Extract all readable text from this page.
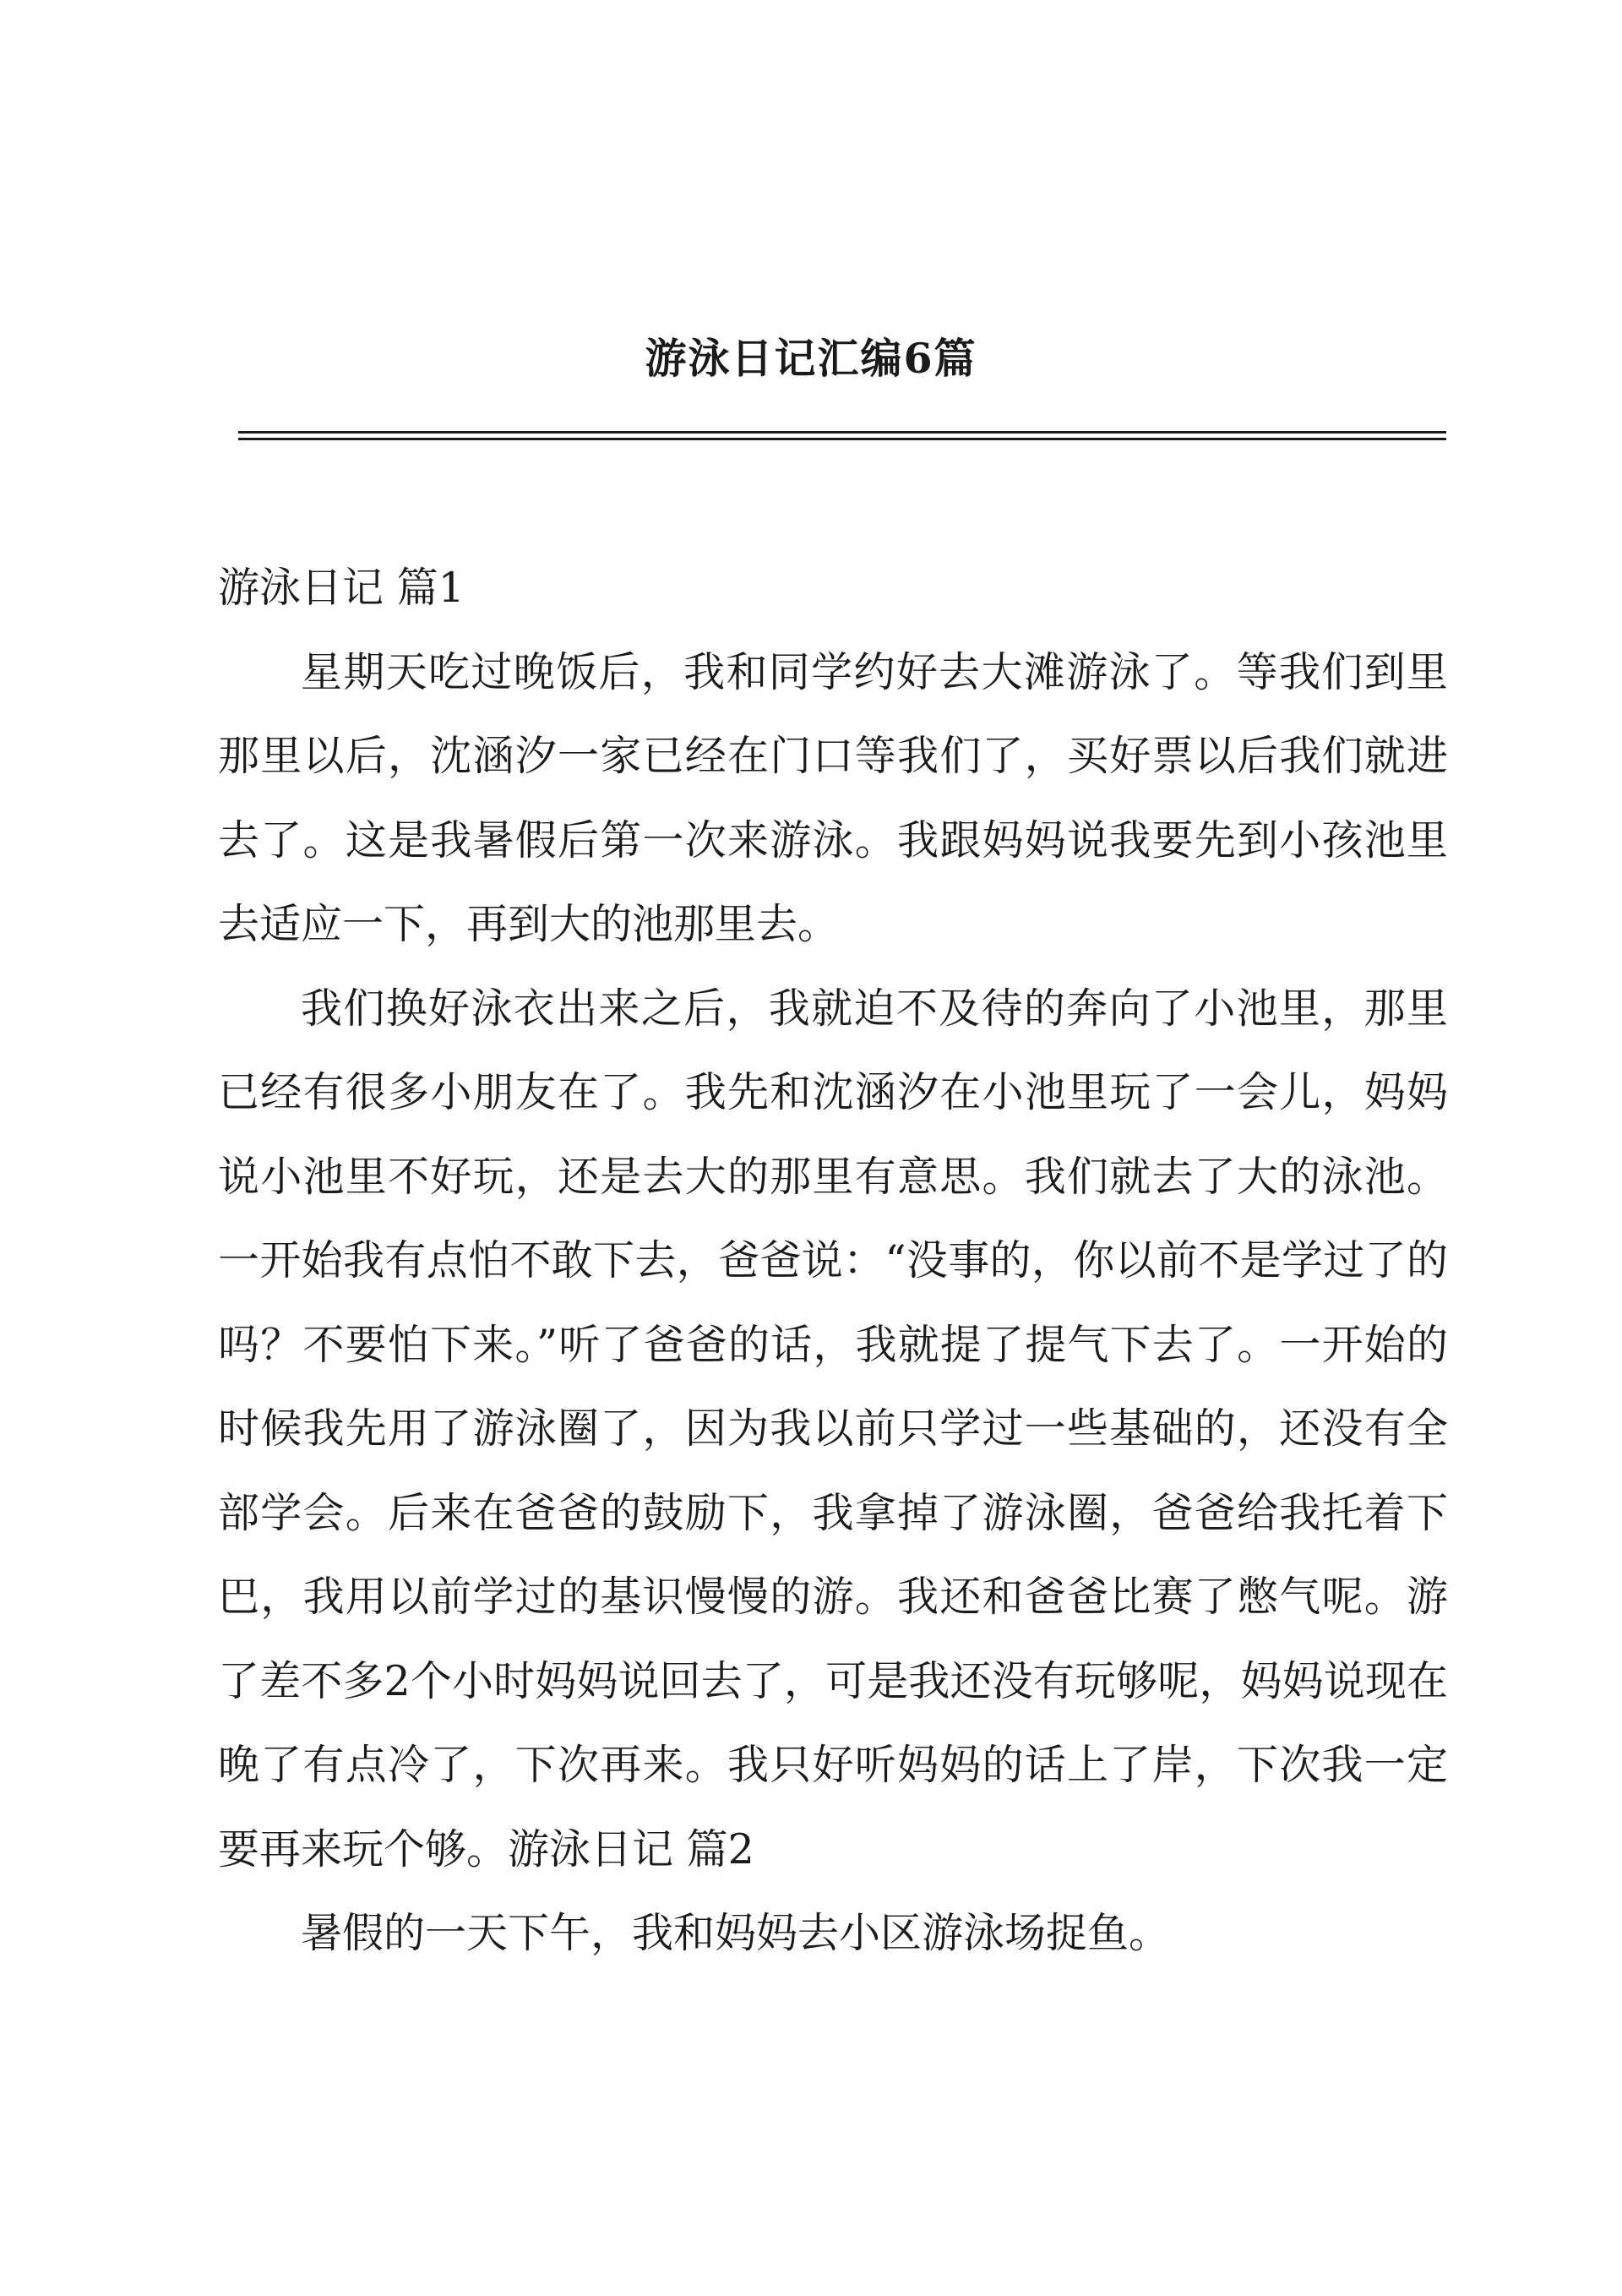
游泳日记汇编6篇
游泳日记 篇1

星期天吃过晚饭后，我和同学约好去大滩游泳了。等我们到里那里以后，沈涵汐一家已经在门口等我们了，买好票以后我们就进去了。这是我暑假后第一次来游泳。我跟妈妈说我要先到小孩池里去适应一下，再到大的池那里去。

我们换好泳衣出来之后，我就迫不及待的奔向了小池里，那里已经有很多小朋友在了。我先和沈涵汐在小池里玩了一会儿，妈妈说小池里不好玩，还是去大的那里有意思。我们就去了大的泳池。一开始我有点怕不敢下去，爸爸说：“没事的，你以前不是学过了的吗？不要怕下来。”听了爸爸的话，我就提了提气下去了。一开始的时候我先用了游泳圈了，因为我以前只学过一些基础的，还没有全部学会。后来在爸爸的鼓励下，我拿掉了游泳圈，爸爸给我托着下巴，我用以前学过的基识慢慢的游。我还和爸爸比赛了憋气呢。游了差不多2个小时妈妈说回去了，可是我还没有玩够呢，妈妈说现在晚了有点冷了，下次再来。我只好听妈妈的话上了岸，下次我一定要再来玩个够。游泳日记 篇2

暑假的一天下午，我和妈妈去小区游泳场捉鱼。
